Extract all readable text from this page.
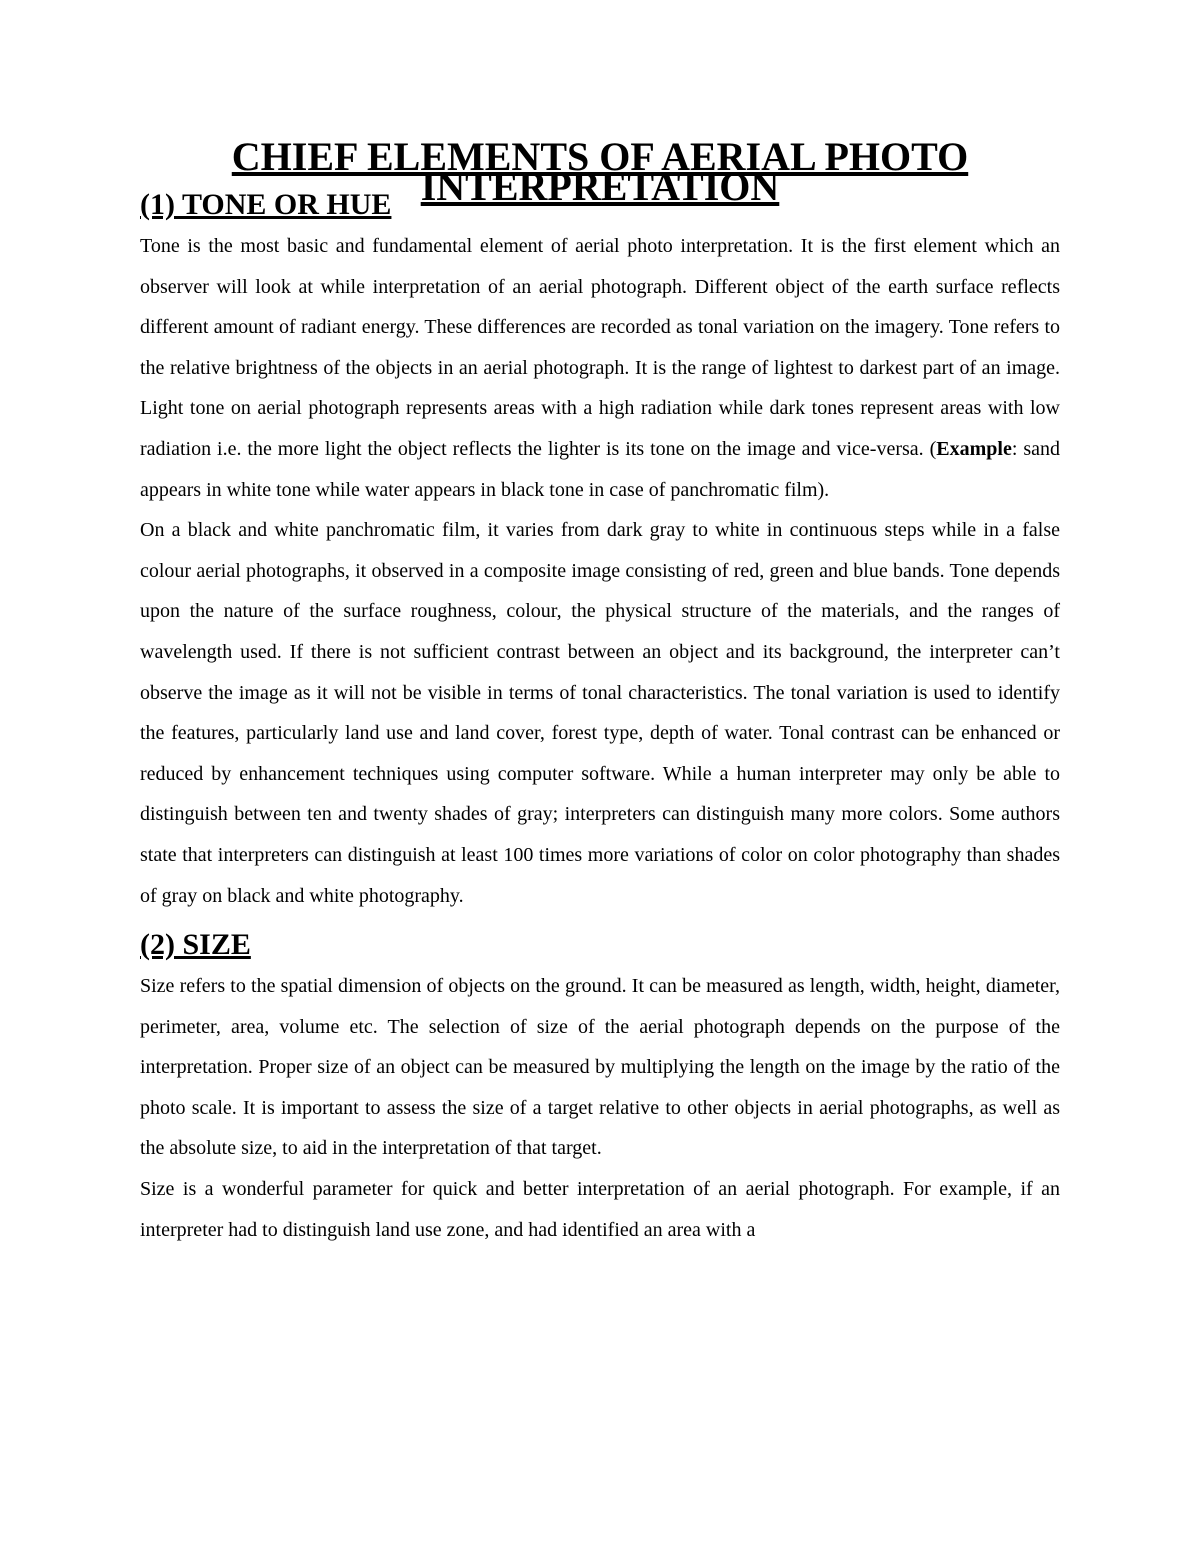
CHIEF ELEMENTS OF AERIAL PHOTO INTERPRETATION
(1) TONE OR HUE

Tone is the most basic and fundamental element of aerial photo interpretation. It is the first element which an observer will look at while interpretation of an aerial photograph. Different object of the earth surface reflects different amount of radiant energy. These differences are recorded as tonal variation on the imagery. Tone refers to the relative brightness of the objects in an aerial photograph. It is the range of lightest to darkest part of an image. Light tone on aerial photograph represents areas with a high radiation while dark tones represent areas with low radiation i.e. the more light the object reflects the lighter is its tone on the image and vice-versa. (Example: sand appears in white tone while water appears in black tone in case of panchromatic film).

On a black and white panchromatic film, it varies from dark gray to white in continuous steps while in a false colour aerial photographs, it observed in a composite image consisting of red, green and blue bands. Tone depends upon the nature of the surface roughness, colour, the physical structure of the materials, and the ranges of wavelength used. If there is not sufficient contrast between an object and its background, the interpreter can’t observe the image as it will not be visible in terms of tonal characteristics. The tonal variation is used to identify the features, particularly land use and land cover, forest type, depth of water. Tonal contrast can be enhanced or reduced by enhancement techniques using computer software. While a human interpreter may only be able to distinguish between ten and twenty shades of gray; interpreters can distinguish many more colors. Some authors state that interpreters can distinguish at least 100 times more variations of color on color photography than shades of gray on black and white photography.

(2) SIZE

Size refers to the spatial dimension of objects on the ground. It can be measured as length, width, height, diameter, perimeter, area, volume etc. The selection of size of the aerial photograph depends on the purpose of the interpretation. Proper size of an object can be measured by multiplying the length on the image by the ratio of the photo scale. It is important to assess the size of a target relative to other objects in aerial photographs, as well as the absolute size, to aid in the interpretation of that target.

Size is a wonderful parameter for quick and better interpretation of an aerial photograph. For example, if an interpreter had to distinguish land use zone, and had identified an area with a
